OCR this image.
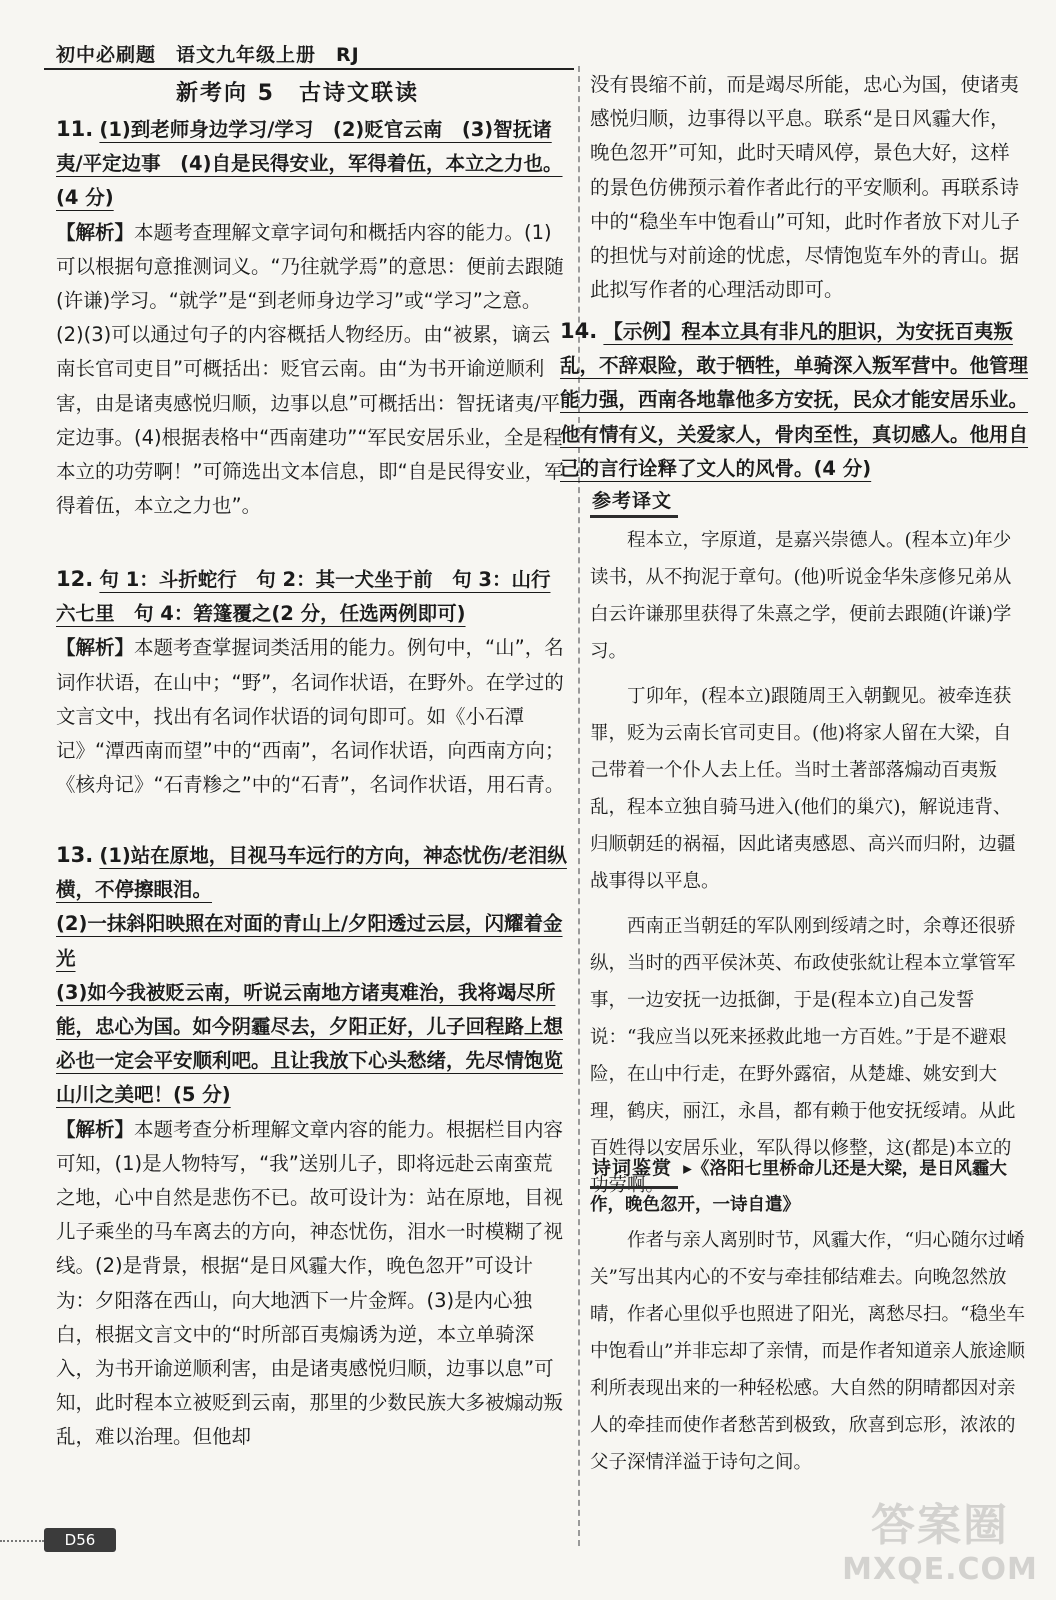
初中必刷题　语文九年级上册　RJ
新考向 5　古诗文联读
11. (1)到老师身边学习/学习　(2)贬官云南　(3)智抚诸夷/平定边事　(4)自是民得安业，军得着伍，本立之力也。(4 分)
【解析】本题考查理解文章字词句和概括内容的能力。(1)可以根据句意推测词义。“乃往就学焉”的意思：便前去跟随(许谦)学习。“就学”是“到老师身边学习”或“学习”之意。(2)(3)可以通过句子的内容概括人物经历。由“被累，谪云南长官司吏目”可概括出：贬官云南。由“为书开谕逆顺利害，由是诸夷感悦归顺，边事以息”可概括出：智抚诸夷/平定边事。(4)根据表格中“西南建功”“军民安居乐业，全是程本立的功劳啊！”可筛选出文本信息，即“自是民得安业，军得着伍，本立之力也”。
12. 句 1：斗折蛇行　句 2：其一犬坐于前　句 3：山行六七里　句 4：箬篷覆之(2 分，任选两例即可)
【解析】本题考查掌握词类活用的能力。例句中，“山”，名词作状语，在山中；“野”，名词作状语，在野外。在学过的文言文中，找出有名词作状语的词句即可。如《小石潭记》“潭西南而望”中的“西南”，名词作状语，向西南方向；《核舟记》“石青糁之”中的“石青”，名词作状语，用石青。
13. (1)站在原地，目视马车远行的方向，神态忧伤/老泪纵横，不停擦眼泪。
(2)一抹斜阳映照在对面的青山上/夕阳透过云层，闪耀着金光
(3)如今我被贬云南，听说云南地方诸夷难治，我将竭尽所能，忠心为国。如今阴霾尽去，夕阳正好，儿子回程路上想必也一定会平安顺利吧。且让我放下心头愁绪，先尽情饱览山川之美吧！(5 分)
【解析】本题考查分析理解文章内容的能力。根据栏目内容可知，(1)是人物特写，“我”送别儿子，即将远赴云南蛮荒之地，心中自然是悲伤不已。故可设计为：站在原地，目视儿子乘坐的马车离去的方向，神态忧伤，泪水一时模糊了视线。(2)是背景，根据“是日风霾大作，晚色忽开”可设计为：夕阳落在西山，向大地洒下一片金辉。(3)是内心独白，根据文言文中的“时所部百夷煽诱为逆，本立单骑深入，为书开谕逆顺利害，由是诸夷感悦归顺，边事以息”可知，此时程本立被贬到云南，那里的少数民族大多被煽动叛乱，难以治理。但他却
没有畏缩不前，而是竭尽所能，忠心为国，使诸夷感悦归顺，边事得以平息。联系“是日风霾大作，晚色忽开”可知，此时天晴风停，景色大好，这样的景色仿佛预示着作者此行的平安顺利。再联系诗中的“稳坐车中饱看山”可知，此时作者放下对儿子的担忧与对前途的忧虑，尽情饱览车外的青山。据此拟写作者的心理活动即可。
14. 【示例】程本立具有非凡的胆识，为安抚百夷叛乱，不辞艰险，敢于牺牲，单骑深入叛军营中。他管理能力强，西南各地靠他多方安抚，民众才能安居乐业。他有情有义，关爱家人，骨肉至性，真切感人。他用自己的言行诠释了文人的风骨。(4 分)
参考译文
程本立，字原道，是嘉兴崇德人。(程本立)年少读书，从不拘泥于章句。(他)听说金华朱彦修兄弟从白云许谦那里获得了朱熹之学，便前去跟随(许谦)学习。
丁卯年，(程本立)跟随周王入朝觐见。被牵连获罪，贬为云南长官司吏目。(他)将家人留在大梁，自己带着一个仆人去上任。当时土著部落煽动百夷叛乱，程本立独自骑马进入(他们的巢穴)，解说违背、归顺朝廷的祸福，因此诸夷感恩、高兴而归附，边疆战事得以平息。
西南正当朝廷的军队刚到绥靖之时，余尊还很骄纵，当时的西平侯沐英、布政使张紞让程本立掌管军事，一边安抚一边抵御，于是(程本立)自己发誓说：“我应当以死来拯救此地一方百姓。”于是不避艰险，在山中行走，在野外露宿，从楚雄、姚安到大理，鹤庆，丽江，永昌，都有赖于他安抚绥靖。从此百姓得以安居乐业，军队得以修整，这(都是)本立的功劳啊。
诗词鉴赏 ▸《洛阳七里桥命儿还是大梁，是日风霾大作，晚色忽开，一诗自遣》
作者与亲人离别时节，风霾大作，“归心随尔过崤关”写出其内心的不安与牵挂郁结难去。向晚忽然放晴，作者心里似乎也照进了阳光，离愁尽扫。“稳坐车中饱看山”并非忘却了亲情，而是作者知道亲人旅途顺利所表现出来的一种轻松感。大自然的阴晴都因对亲人的牵挂而使作者愁苦到极致，欣喜到忘形，浓浓的父子深情洋溢于诗句之间。
D56	答案圈
MXQE.COM
